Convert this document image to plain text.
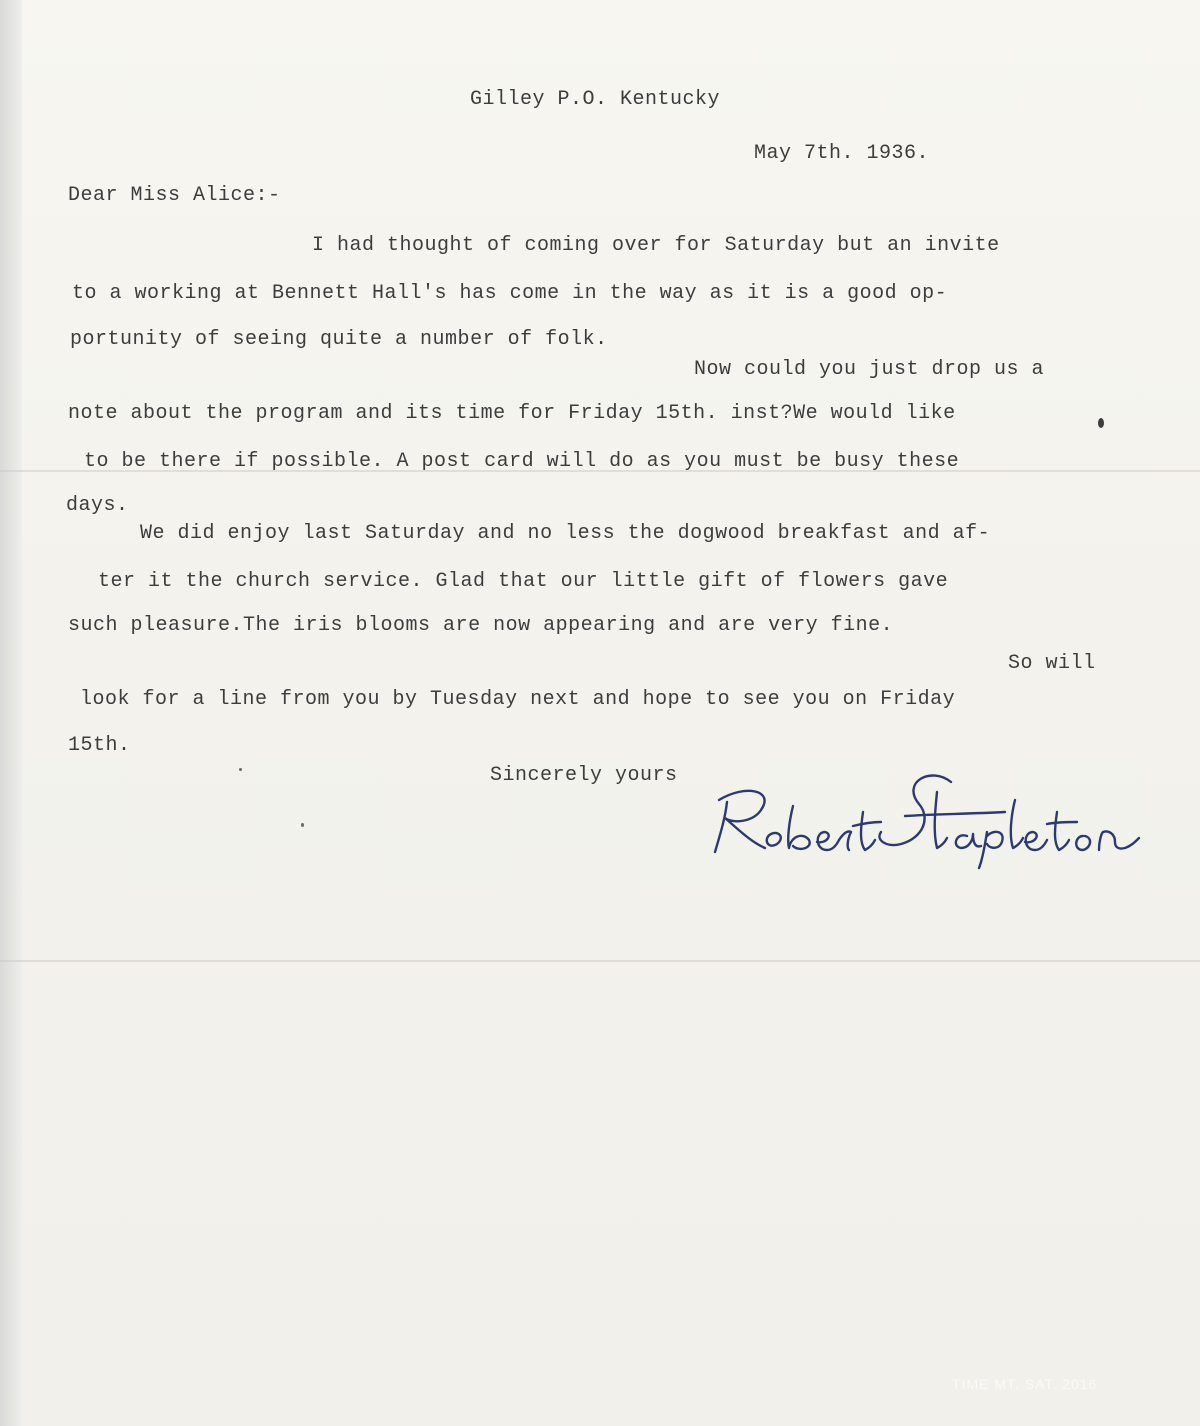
Gilley P.O. Kentucky

May 7th. 1936.

Dear Miss Alice:-

I had thought of coming over for Saturday but an invite

to a working at Bennett Hall's has come in the way as it is a good op-

portunity of seeing quite a number of folk.

Now could you just drop us a

note about the program and its time for Friday 15th. inst?We would like

to be there if possible. A post card will do as you must be busy these

days.

We did enjoy last Saturday and no less the dogwood breakfast and af-

ter it the church service. Glad that our little gift of flowers gave

such pleasure.The iris blooms are now appearing and are very fine.

So will

look for a line from you by Tuesday next and hope to see you on Friday

15th.

Sincerely yours

TIME MT. SAT. 2016
